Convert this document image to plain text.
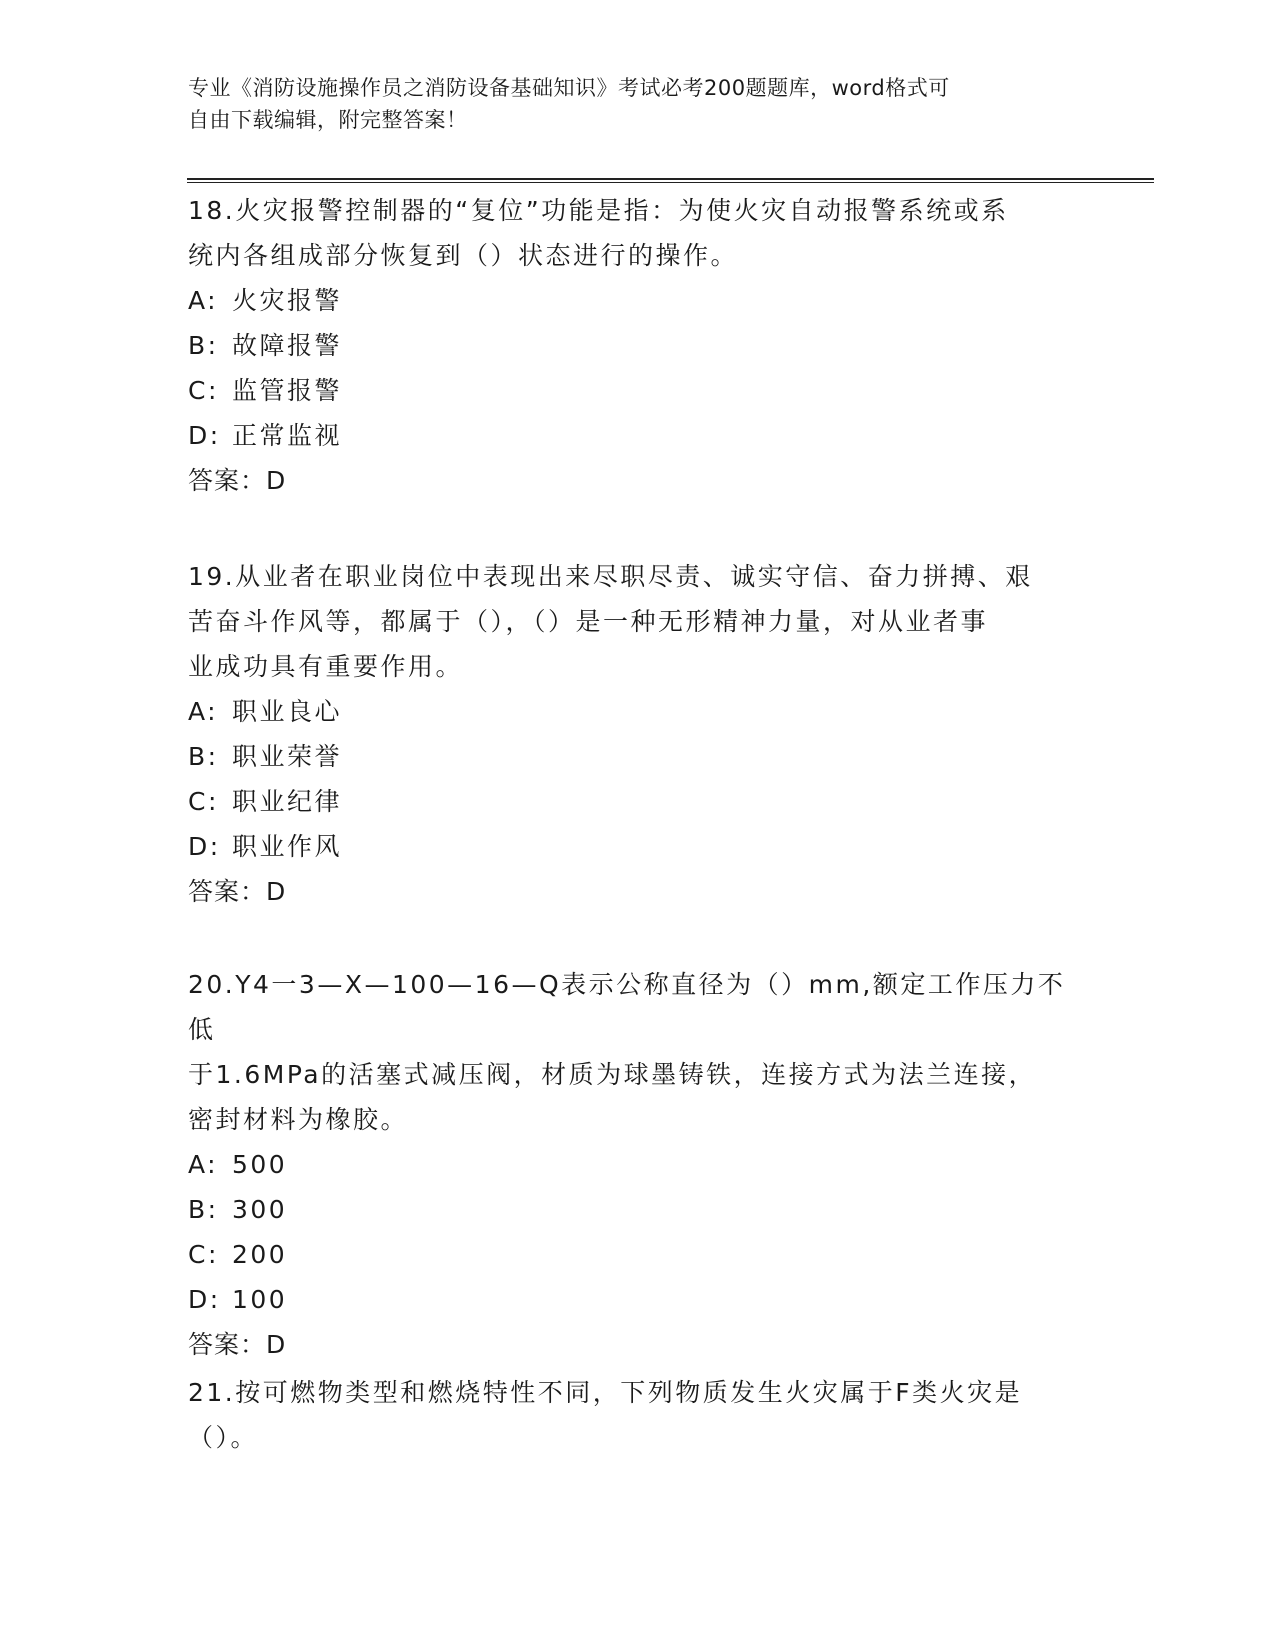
专业《消防设施操作员之消防设备基础知识》考试必考200题题库，word格式可
自由下载编辑，附完整答案！

18.火灾报警控制器的“复位”功能是指：为使火灾自动报警系统或系

统内各组成部分恢复到（）状态进行的操作。

A: 火灾报警
B: 故障报警
C: 监管报警
D: 正常监视

答案：D

19.从业者在职业岗位中表现出来尽职尽责、诚实守信、奋力拼搏、艰

苦奋斗作风等，都属于（），（）是一种无形精神力量，对从业者事

业成功具有重要作用。

A: 职业良心
B: 职业荣誉
C: 职业纪律
D: 职业作风

答案：D

20.Y4一3—X—100—16—Q表示公称直径为（）mm,额定工作压力不低

于1.6MPa的活塞式减压阀，材质为球墨铸铁，连接方式为法兰连接，

密封材料为橡胶。

A: 500
B: 300
C: 200
D: 100

答案：D

21.按可燃物类型和燃烧特性不同，下列物质发生火灾属于F类火灾是

（）。
